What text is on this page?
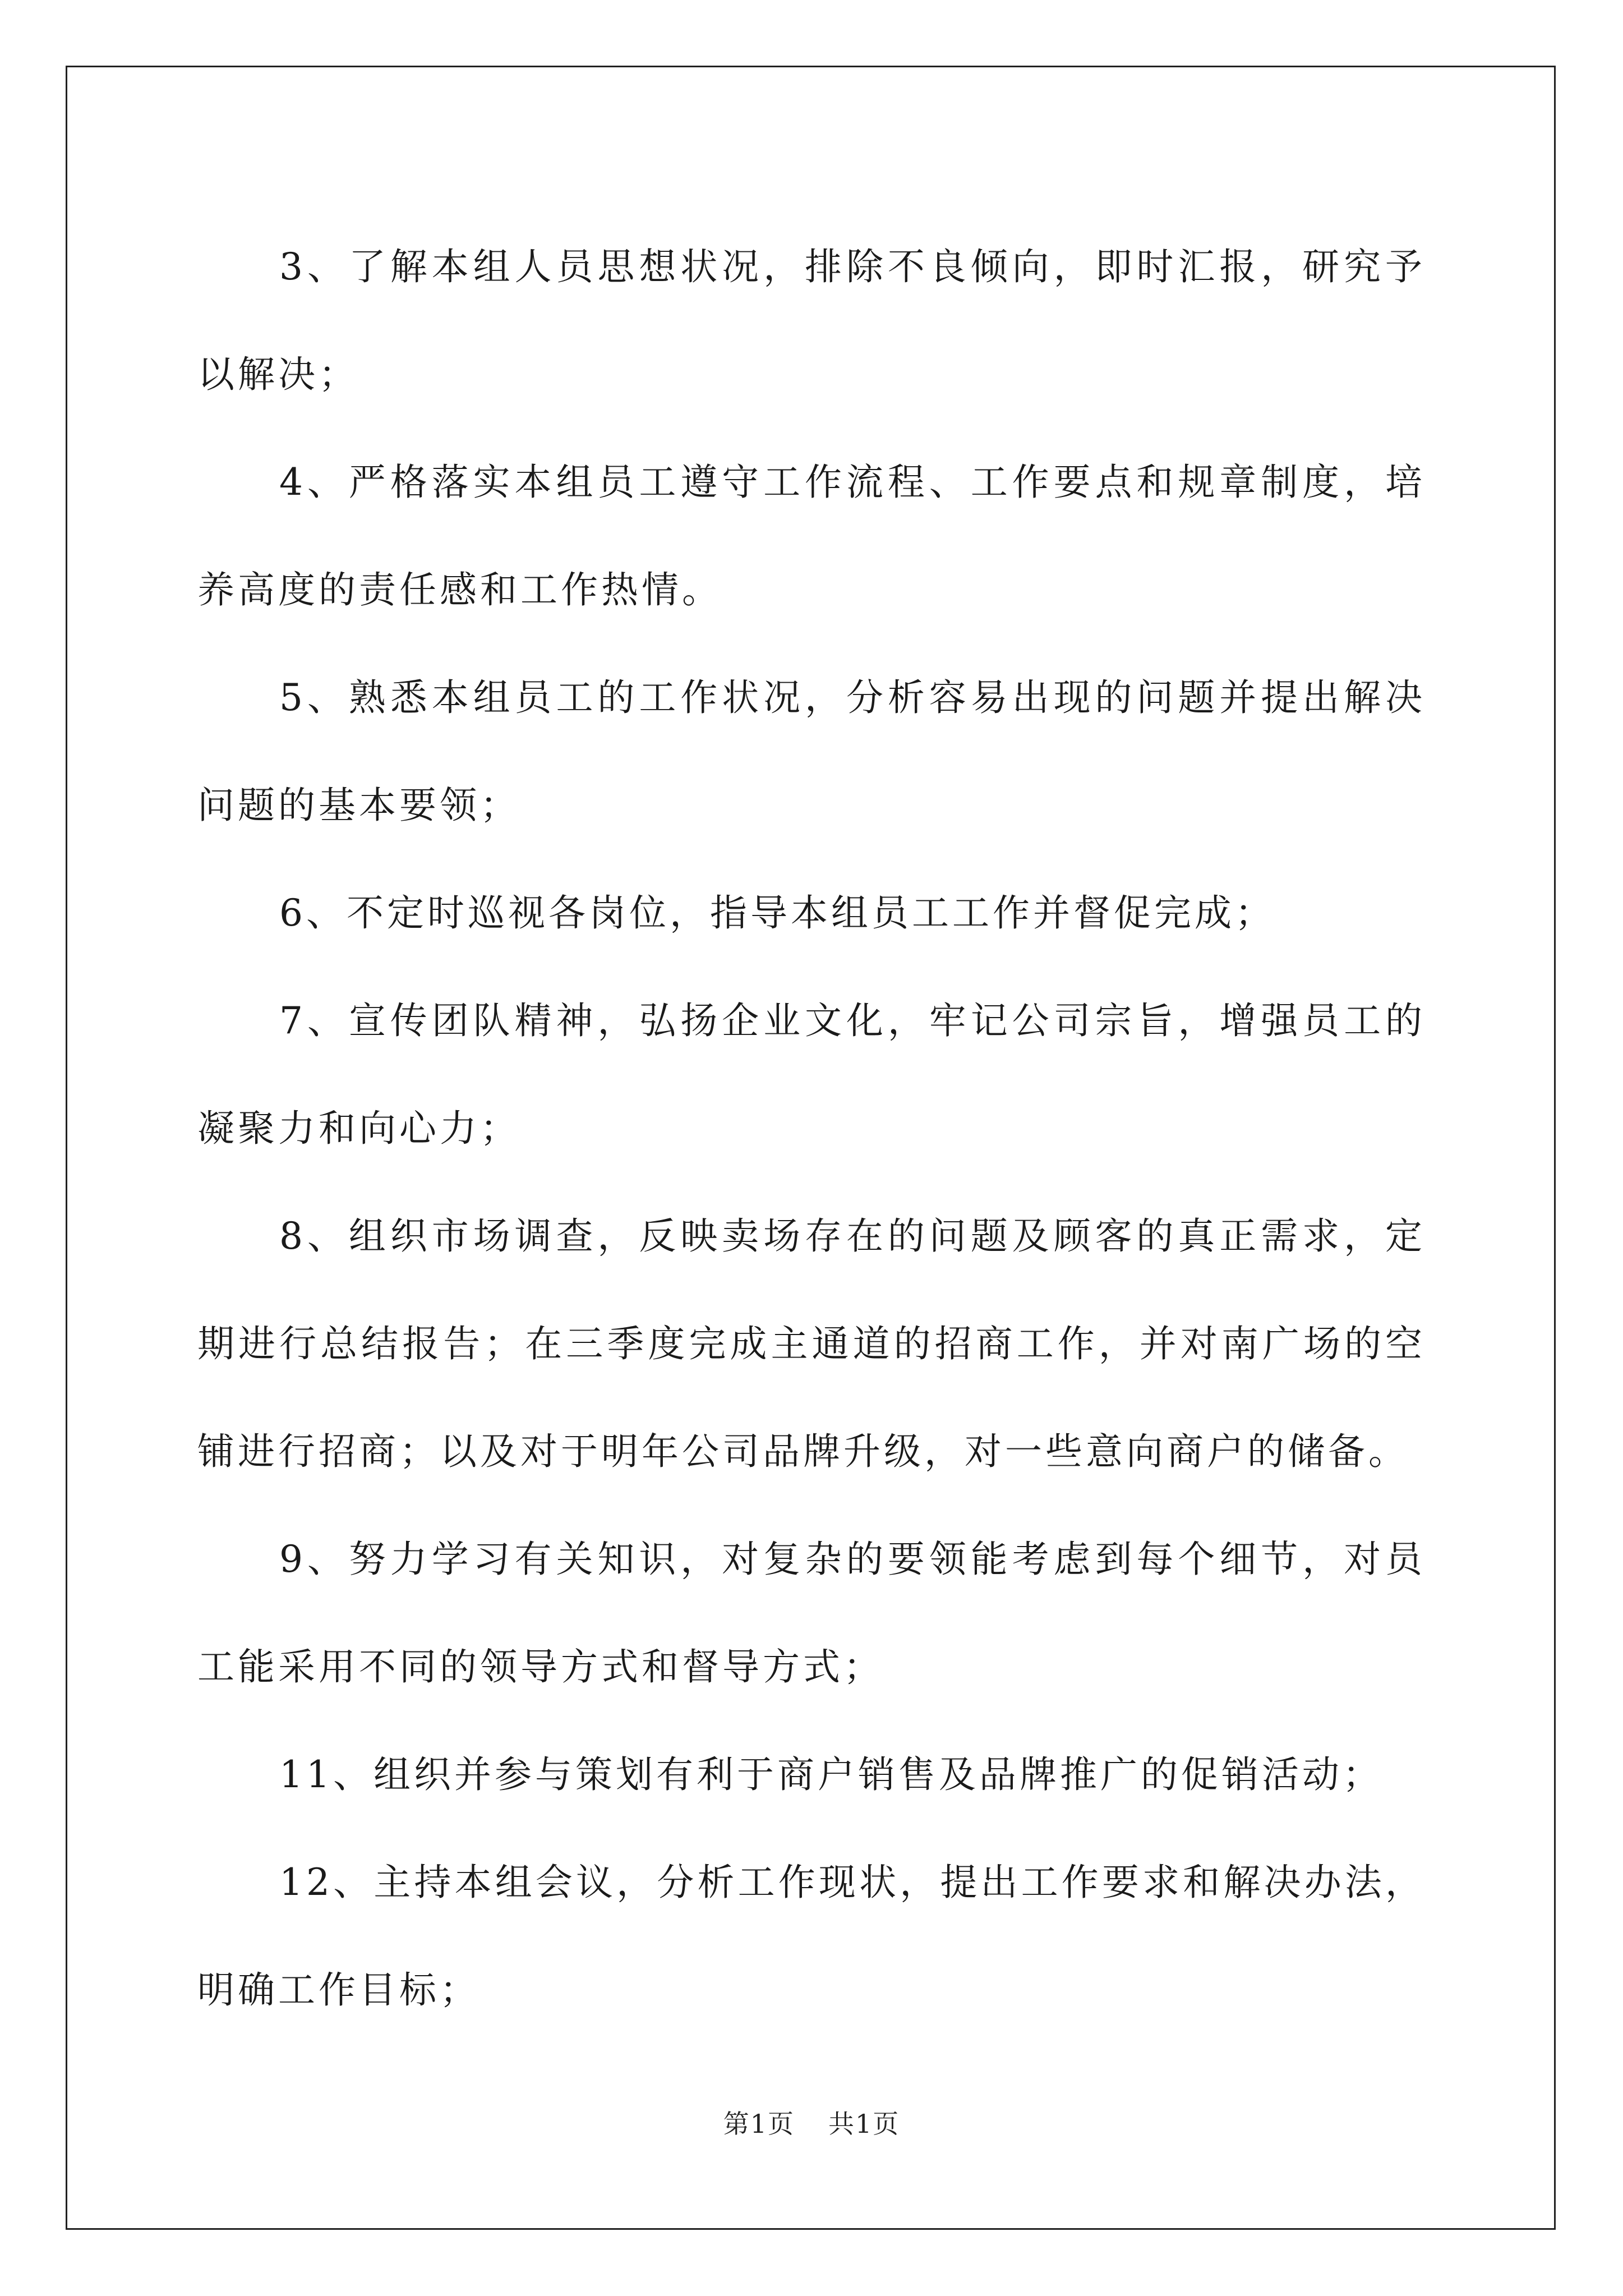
3、了解本组人员思想状况，排除不良倾向，即时汇报，研究予以解决；

4、严格落实本组员工遵守工作流程、工作要点和规章制度，培养高度的责任感和工作热情。

5、熟悉本组员工的工作状况，分析容易出现的问题并提出解决问题的基本要领；

6、不定时巡视各岗位，指导本组员工工作并督促完成；

7、宣传团队精神，弘扬企业文化，牢记公司宗旨，增强员工的凝聚力和向心力；

8、组织市场调查，反映卖场存在的问题及顾客的真正需求，定期进行总结报告；在三季度完成主通道的招商工作，并对南广场的空铺进行招商；以及对于明年公司品牌升级，对一些意向商户的储备。

9、努力学习有关知识，对复杂的要领能考虑到每个细节，对员工能采用不同的领导方式和督导方式；

11、组织并参与策划有利于商户销售及品牌推广的促销活动；

12、主持本组会议，分析工作现状，提出工作要求和解决办法，明确工作目标；

第1页 共1页
